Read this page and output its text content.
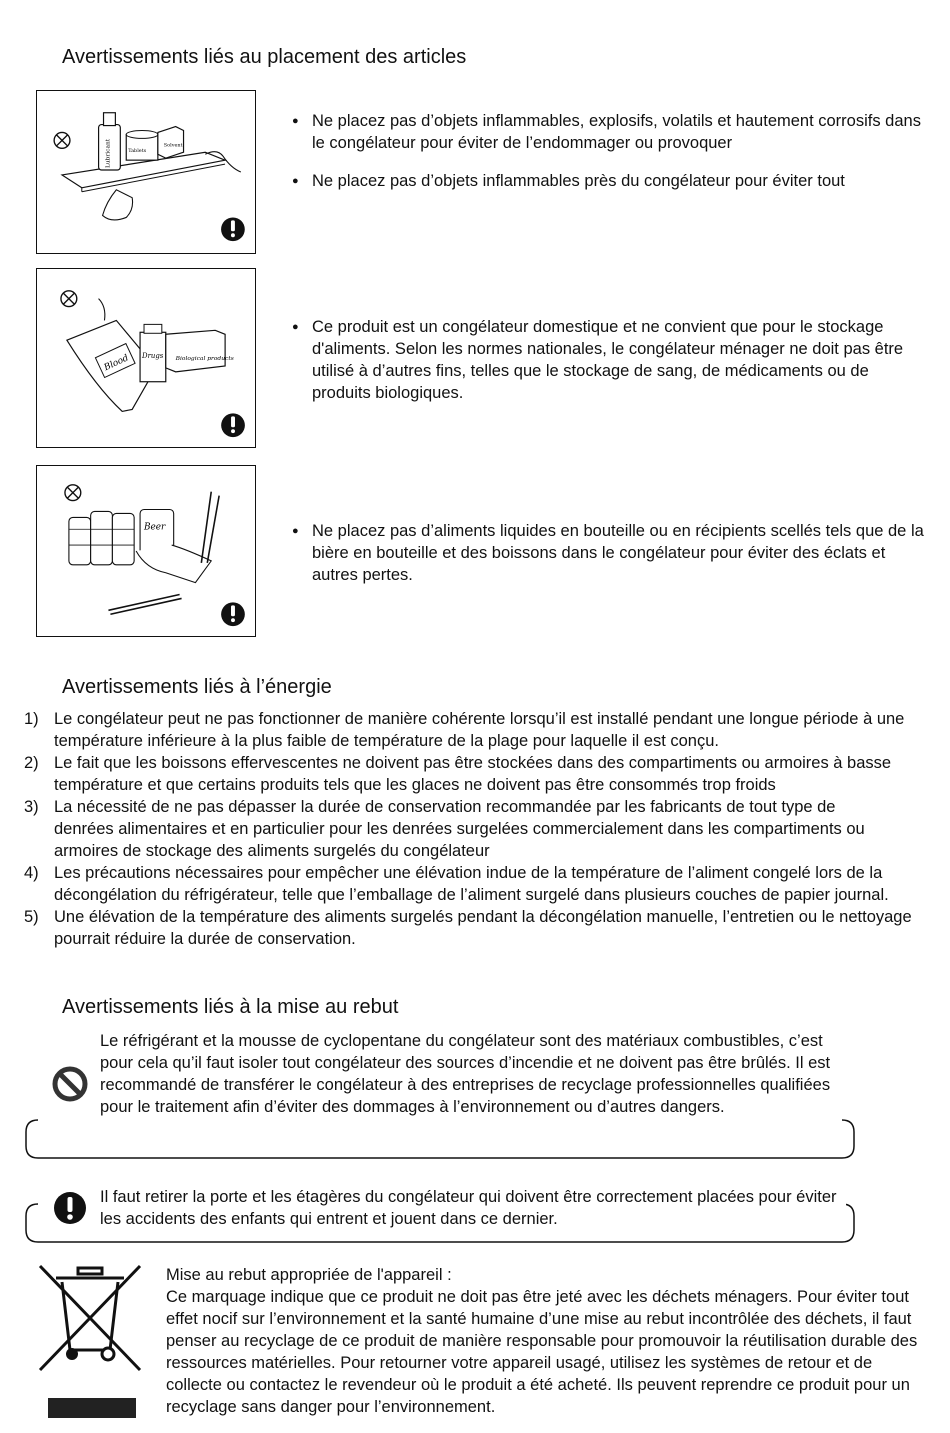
Avertissements liés au placement des articles
Lubricant	Tablets
Solvent
● Ne placez pas d’objets inflammables, explosifs, volatils et hautement corrosifs dans le congélateur pour éviter de l’endommager ou provoquer
● Ne placez pas d’objets inflammables près du congélateur pour éviter tout
Blood Drugs Biological products
● Ce produit est un congélateur domestique et ne convient que pour le stockage d'aliments. Selon les normes nationales, le congélateur ménager ne doit pas être utilisé à d’autres fins, telles que le stockage de sang, de médicaments ou de produits biologiques.
Beer
●	Ne placez pas d’aliments liquides en bouteille ou en récipients scellés tels que de la bière en bouteille et des boissons dans le congélateur pour éviter des éclats et autres pertes.
Avertissements liés à l’énergie
1) Le congélateur peut ne pas fonctionner de manière cohérente lorsqu’il est installé pendant une longue période à une température inférieure à la plus faible de température de la plage pour laquelle il est conçu.
2) Le fait que les boissons effervescentes ne doivent pas être stockées dans des compartiments ou armoires à basse température et que certains produits tels que les glaces ne doivent pas être consommés trop froids
3) La nécessité de ne pas dépasser la durée de conservation recommandée par les fabricants de tout type de denrées alimentaires et en particulier pour les denrées surgelées commercialement dans les compartiments ou armoires de stockage des aliments surgelés du congélateur
4) Les précautions nécessaires pour empêcher une élévation indue de la température de l’aliment congelé lors de la décongélation du réfrigérateur, telle que l’emballage de l’aliment surgelé dans plusieurs couches de papier journal.
5) Une élévation de la température des aliments surgelés pendant la décongélation manuelle, l’entretien ou le nettoyage pourrait réduire la durée de conservation.
Avertissements liés à la mise au rebut
Le réfrigérant et la mousse de cyclopentane du congélateur sont des matériaux combustibles, c’est pour cela qu’il faut isoler tout congélateur des sources d’incendie et ne doivent pas être brûlés. Il est recommandé de transférer le congélateur à des entreprises de recyclage professionnelles qualifiées pour le traitement afin d’éviter des dommages à l’environnement ou d’autres dangers.
Il faut retirer la porte et les étagères du congélateur qui doivent être correctement placées pour éviter les accidents des enfants qui entrent et jouent dans ce dernier.
Mise au rebut appropriée de l'appareil :
Ce marquage indique que ce produit ne doit pas être jeté avec les déchets ménagers. Pour éviter tout effet nocif sur l’environnement et la santé humaine d’une mise au rebut incontrôlée des déchets, il faut penser au recyclage de ce produit de manière responsable pour promouvoir la réutilisation durable des ressources matérielles. Pour retourner votre appareil usagé, utilisez les systèmes de retour et de collecte ou contactez le revendeur où le produit a été acheté. Ils peuvent reprendre ce produit pour un recyclage sans danger pour l’environnement.
